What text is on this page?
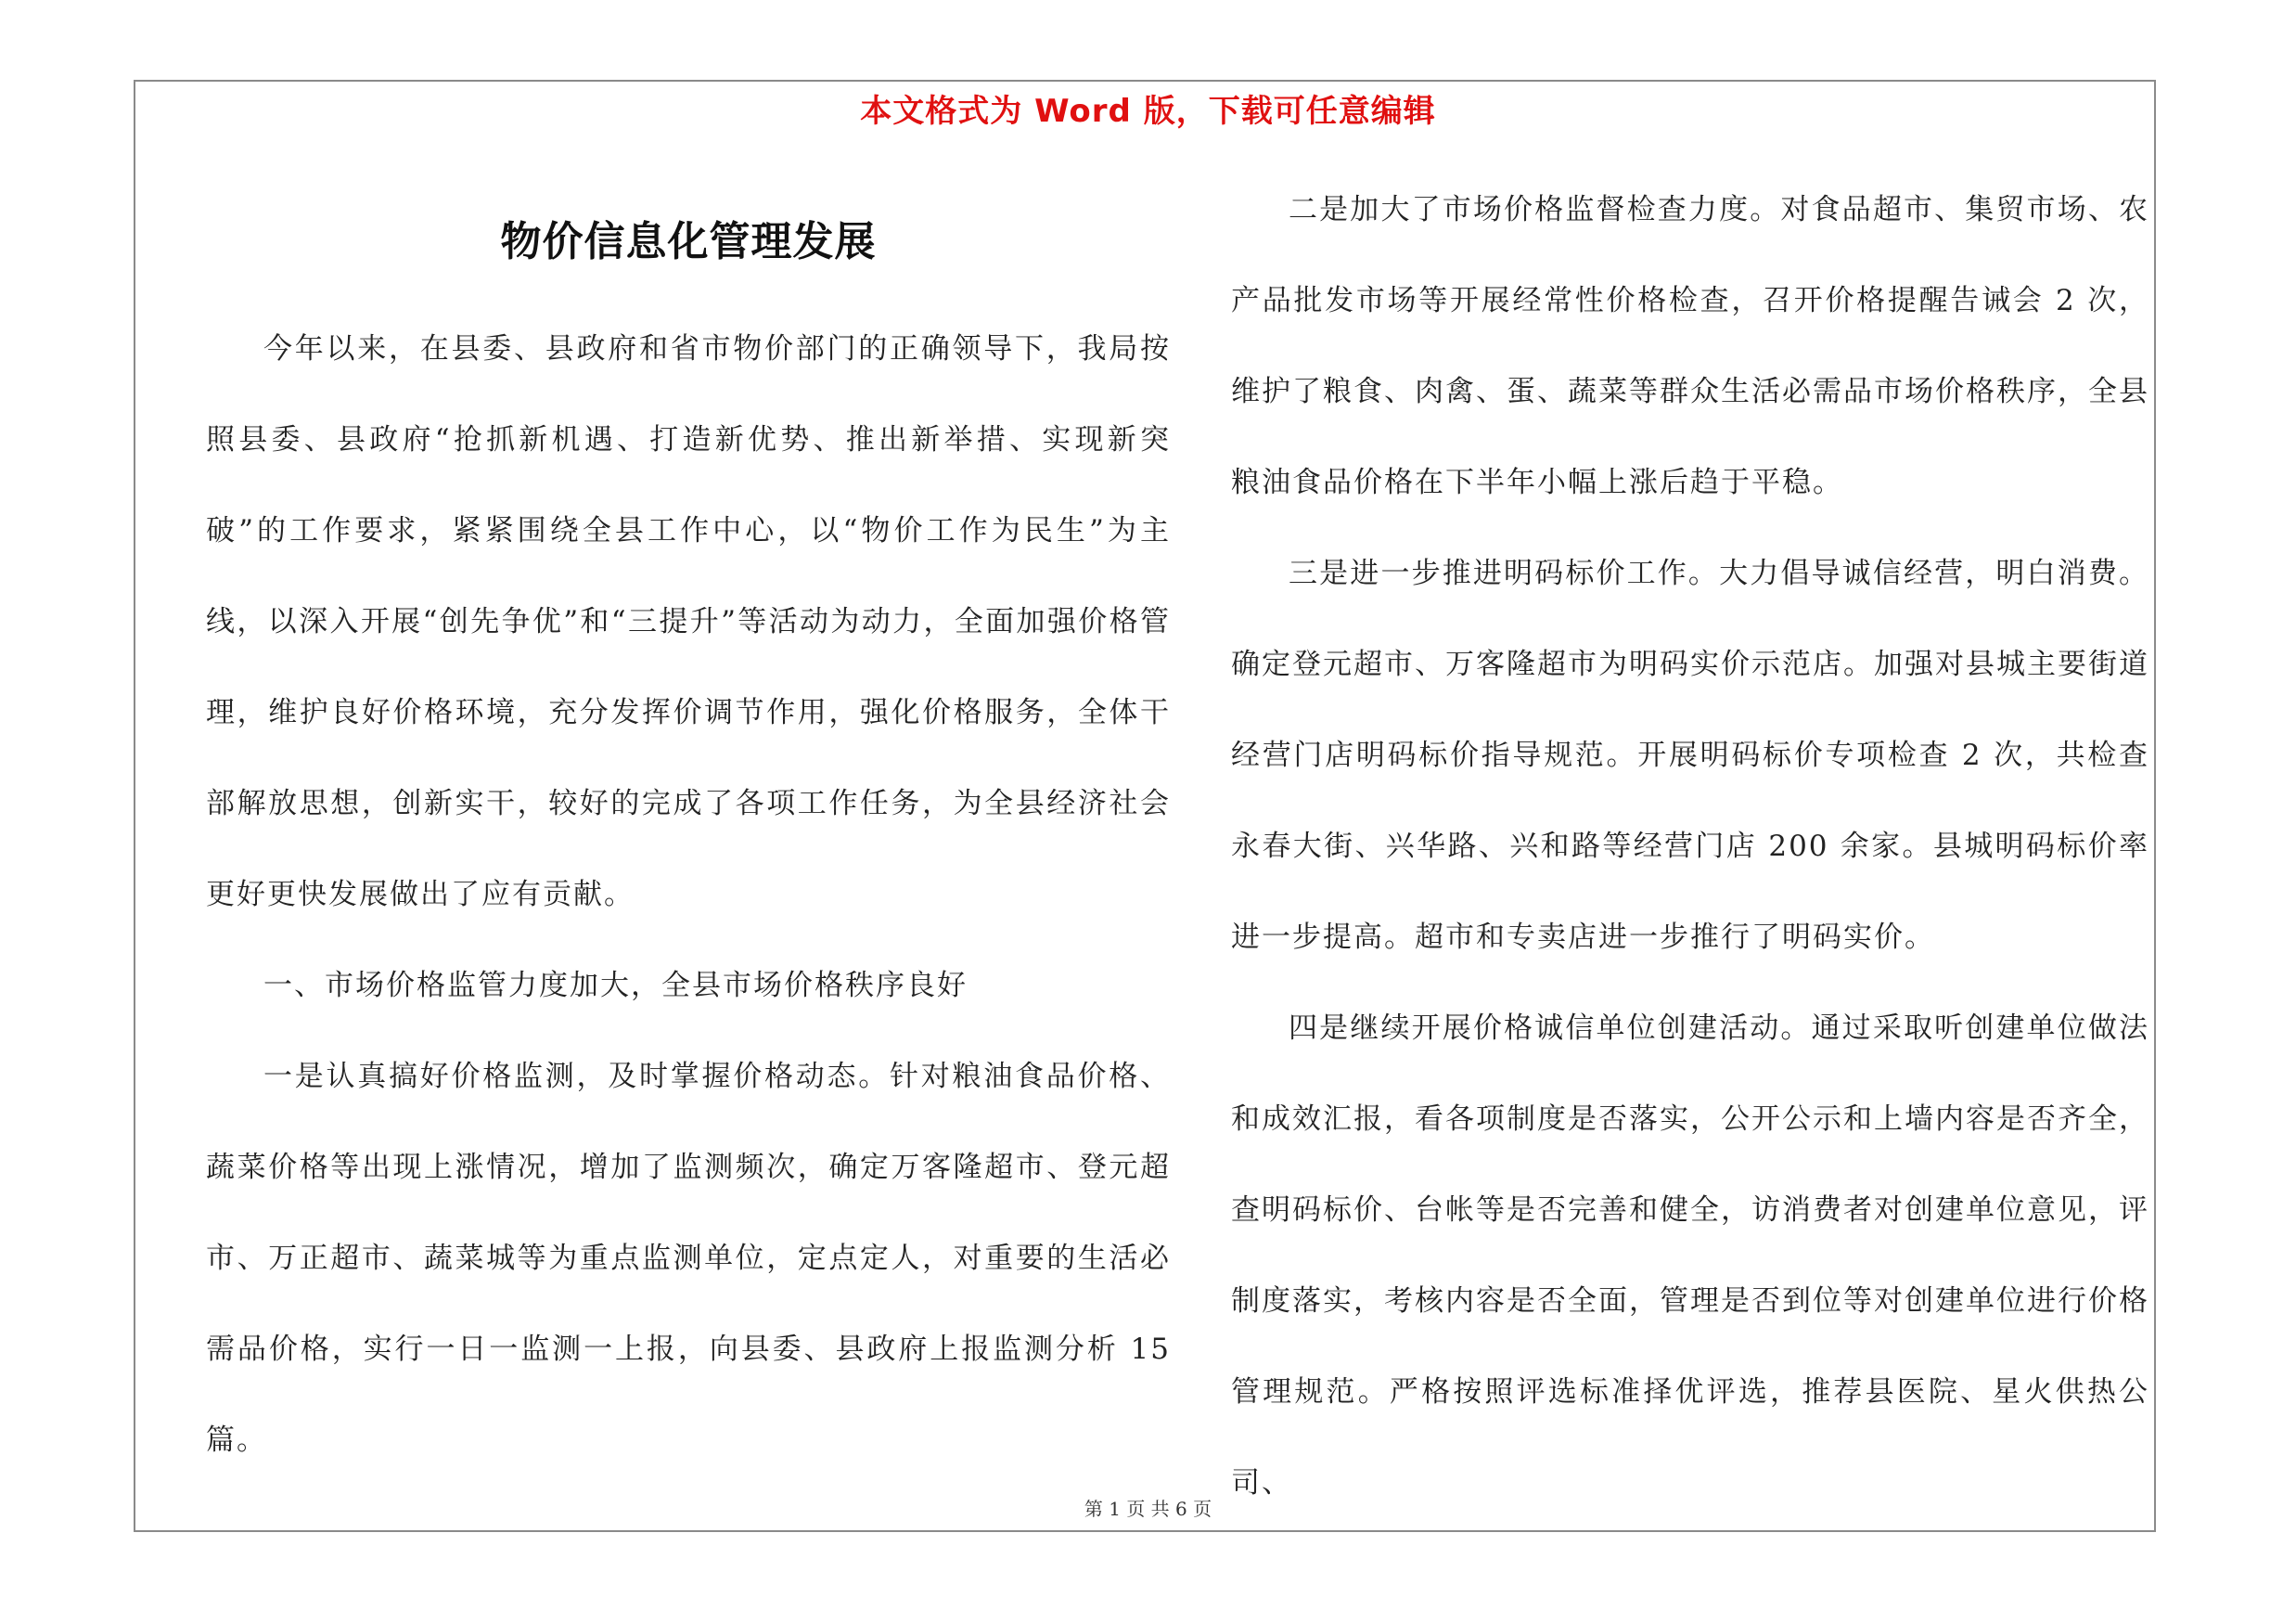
本文格式为 Word 版，下载可任意编辑
物价信息化管理发展

今年以来，在县委、县政府和省市物价部门的正确领导下，我局按照县委、县政府“抢抓新机遇、打造新优势、推出新举措、实现新突破”的工作要求，紧紧围绕全县工作中心，以“物价工作为民生”为主线，以深入开展“创先争优”和“三提升”等活动为动力，全面加强价格管理，维护良好价格环境，充分发挥价调节作用，强化价格服务，全体干部解放思想，创新实干，较好的完成了各项工作任务，为全县经济社会更好更快发展做出了应有贡献。

一、市场价格监管力度加大，全县市场价格秩序良好

一是认真搞好价格监测，及时掌握价格动态。针对粮油食品价格、蔬菜价格等出现上涨情况，增加了监测频次，确定万客隆超市、登元超市、万正超市、蔬菜城等为重点监测单位，定点定人，对重要的生活必需品价格，实行一日一监测一上报，向县委、县政府上报监测分析 15 篇。

二是加大了市场价格监督检查力度。对食品超市、集贸市场、农产品批发市场等开展经常性价格检查，召开价格提醒告诫会 2 次，维护了粮食、肉禽、蛋、蔬菜等群众生活必需品市场价格秩序，全县粮油食品价格在下半年小幅上涨后趋于平稳。

三是进一步推进明码标价工作。大力倡导诚信经营，明白消费。确定登元超市、万客隆超市为明码实价示范店。加强对县城主要街道经营门店明码标价指导规范。开展明码标价专项检查 2 次，共检查永春大街、兴华路、兴和路等经营门店 200 余家。县城明码标价率进一步提高。超市和专卖店进一步推行了明码实价。

四是继续开展价格诚信单位创建活动。通过采取听创建单位做法和成效汇报，看各项制度是否落实，公开公示和上墙内容是否齐全，查明码标价、台帐等是否完善和健全，访消费者对创建单位意见，评制度落实，考核内容是否全面，管理是否到位等对创建单位进行价格管理规范。严格按照评选标准择优评选，推荐县医院、星火供热公司、

第 1 页 共 6 页
